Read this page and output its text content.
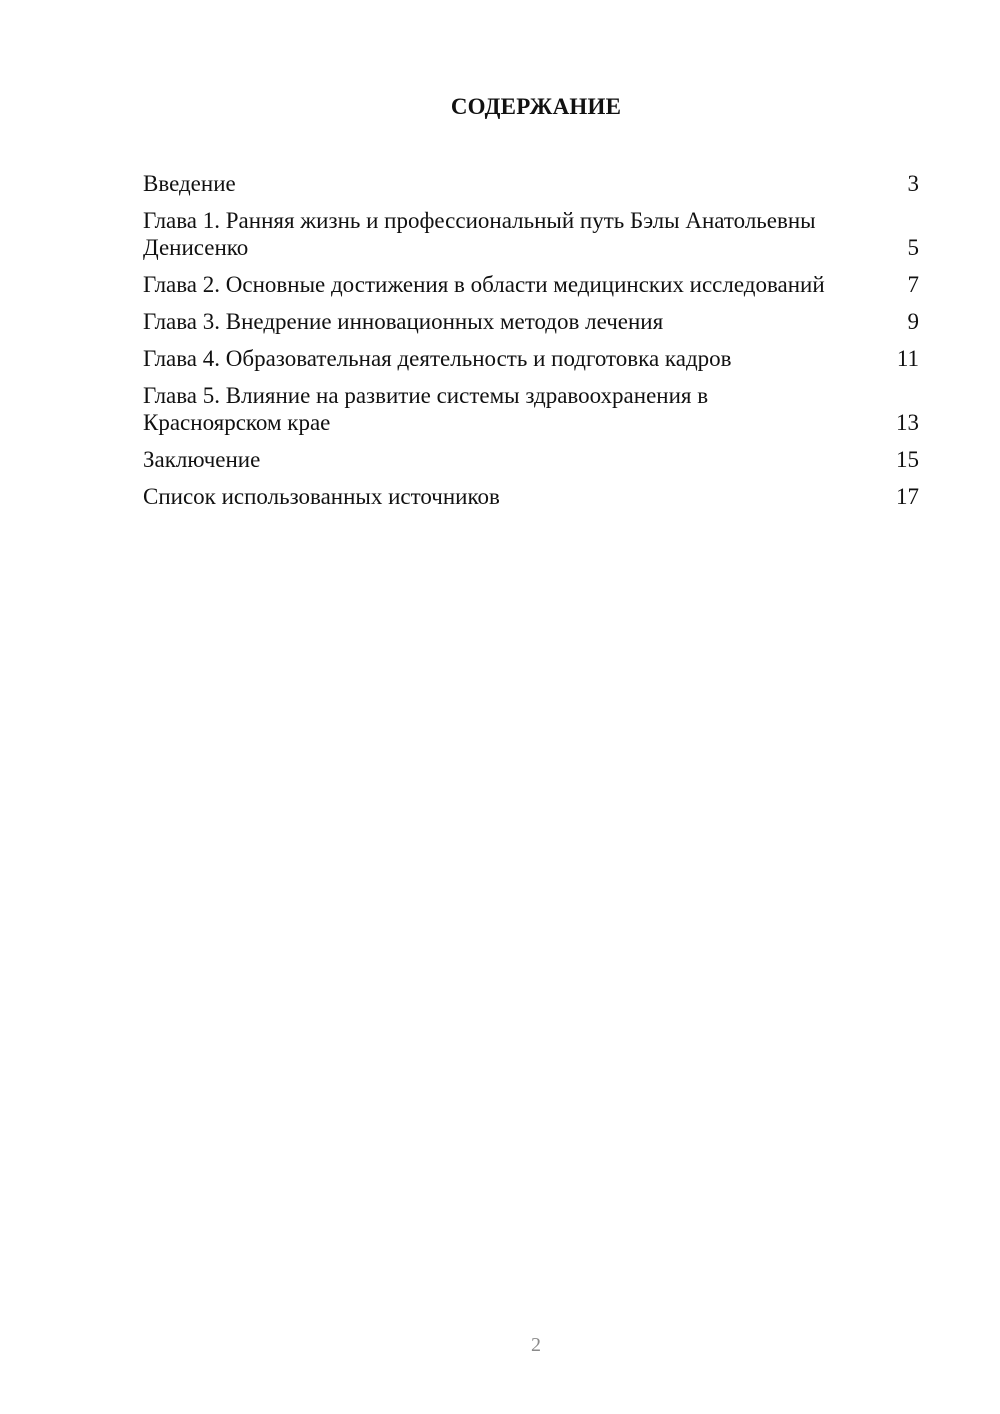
СОДЕРЖАНИЕ
Введение	3
Глава 1. Ранняя жизнь и профессиональный путь Бэлы Анатольевны Денисенко	5
Глава 2. Основные достижения в области медицинских исследований	7
Глава 3. Внедрение инновационных методов лечения	9
Глава 4. Образовательная деятельность и подготовка кадров	11
Глава 5. Влияние на развитие системы здравоохранения в Красноярском крае	13
Заключение	15
Список использованных источников	17
2
